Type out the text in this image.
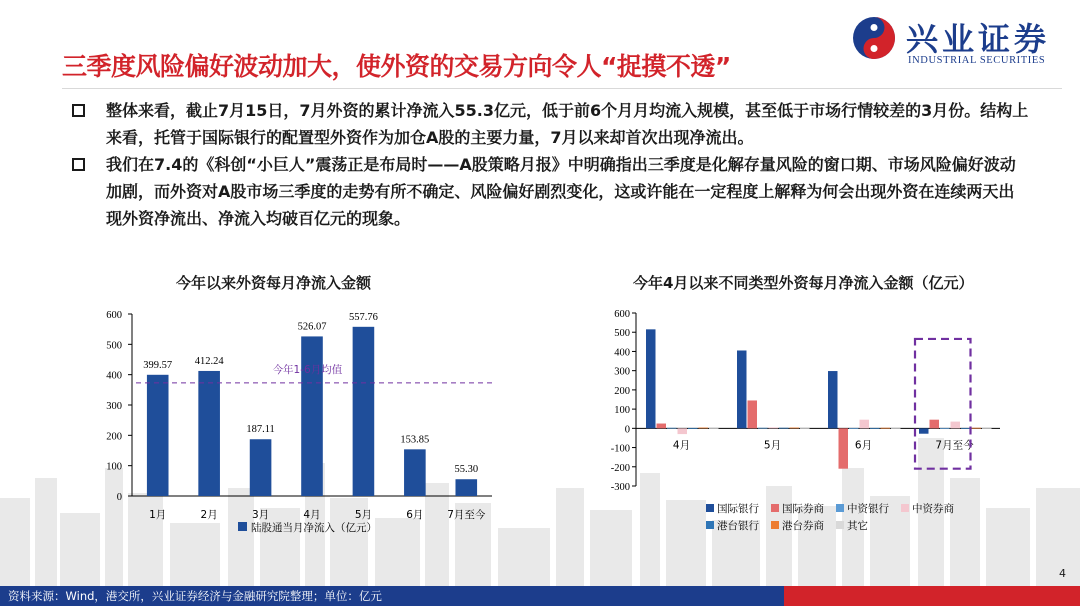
兴业证券
INDUSTRIAL SECURITIES
三季度风险偏好波动加大，使外资的交易方向令人“捉摸不透”
整体来看，截止7月15日，7月外资的累计净流入55.3亿元，低于前6个月月均流入规模，甚至低于市场行情较差的3月份。结构上来看，托管于国际银行的配置型外资作为加仓A股的主要力量，7月以来却首次出现净流出。
我们在7.4的《科创“小巨人”震荡正是布局时——A股策略月报》中明确指出三季度是化解存量风险的窗口期、市场风险偏好波动加剧，而外资对A股市场三季度的走势有所不确定、风险偏好剧烈变化，这或许能在一定程度上解释为何会出现外资在连续两天出现外资净流出、净流入均破百亿元的现象。
今年以来外资每月净流入金额	今年4月以来不同类型外资每月净流入金额（亿元）
0
100
200
300
400
500
600
399.57
1月
412.24
2月
187.11
3月
526.07
4月
557.76
5月
153.85
6月
55.30
7月至今
今年1-6月均值
陆股通当月净流入（亿元）
600
500
400
300
200
100
0
-100
-200
-300
4月	5月	6月	7月至今
国际银行 国际券商 中资银行 中资券商
港台银行 港台券商 其它
4
资料来源：Wind，港交所，兴业证券经济与金融研究院整理；单位：亿元
